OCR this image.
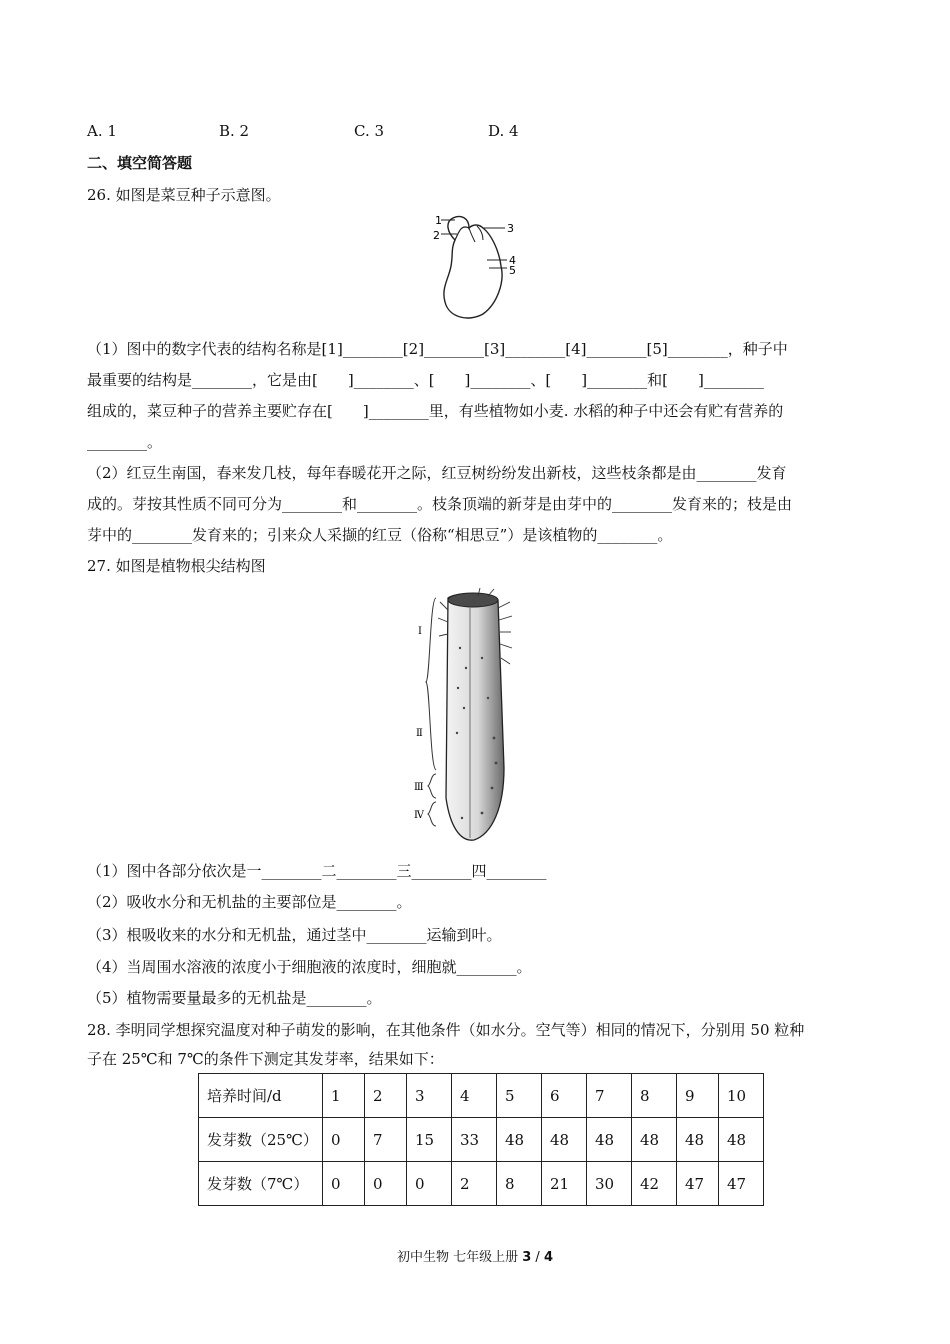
A. 1	B. 2	C. 3	D. 4
二、填空简答题
26. 如图是菜豆种子示意图。
1
2
3
4
5
（1）图中的数字代表的结构名称是[1]________[2]________[3]________[4]________[5]________，种子中
最重要的结构是________，它是由[　　]________、[　　]________、[　　]________和[　　]________
组成的，菜豆种子的营养主要贮存在[　　]________里，有些植物如小麦. 水稻的种子中还会有贮有营养的
________。
（2）红豆生南国，春来发几枝，每年春暖花开之际，红豆树纷纷发出新枝，这些枝条都是由________发育
成的。芽按其性质不同可分为________和________。枝条顶端的新芽是由芽中的________发育来的；枝是由
芽中的________发育来的；引来众人采撷的红豆（俗称“相思豆”）是该植物的________。
27. 如图是植物根尖结构图
Ⅰ
Ⅱ
Ⅲ
Ⅳ
（1）图中各部分依次是一________二________三________四________
（2）吸收水分和无机盐的主要部位是________。
（3）根吸收来的水分和无机盐，通过茎中________运输到叶。
（4）当周围水溶液的浓度小于细胞液的浓度时，细胞就________。
（5）植物需要量最多的无机盐是________。
28. 李明同学想探究温度对种子萌发的影响，在其他条件（如水分。空气等）相同的情况下，分别用 50 粒种
子在 25℃和 7℃的条件下测定其发芽率，结果如下：
培养时间/d	1	2	3	4	5	6	7	8	9	10
发芽数（25℃）	0	7	15	33	48	48	48	48	48	48
发芽数（7℃）	0	0	0	2	8	21	30	42	47	47
初中生物 七年级上册 3 / 4
